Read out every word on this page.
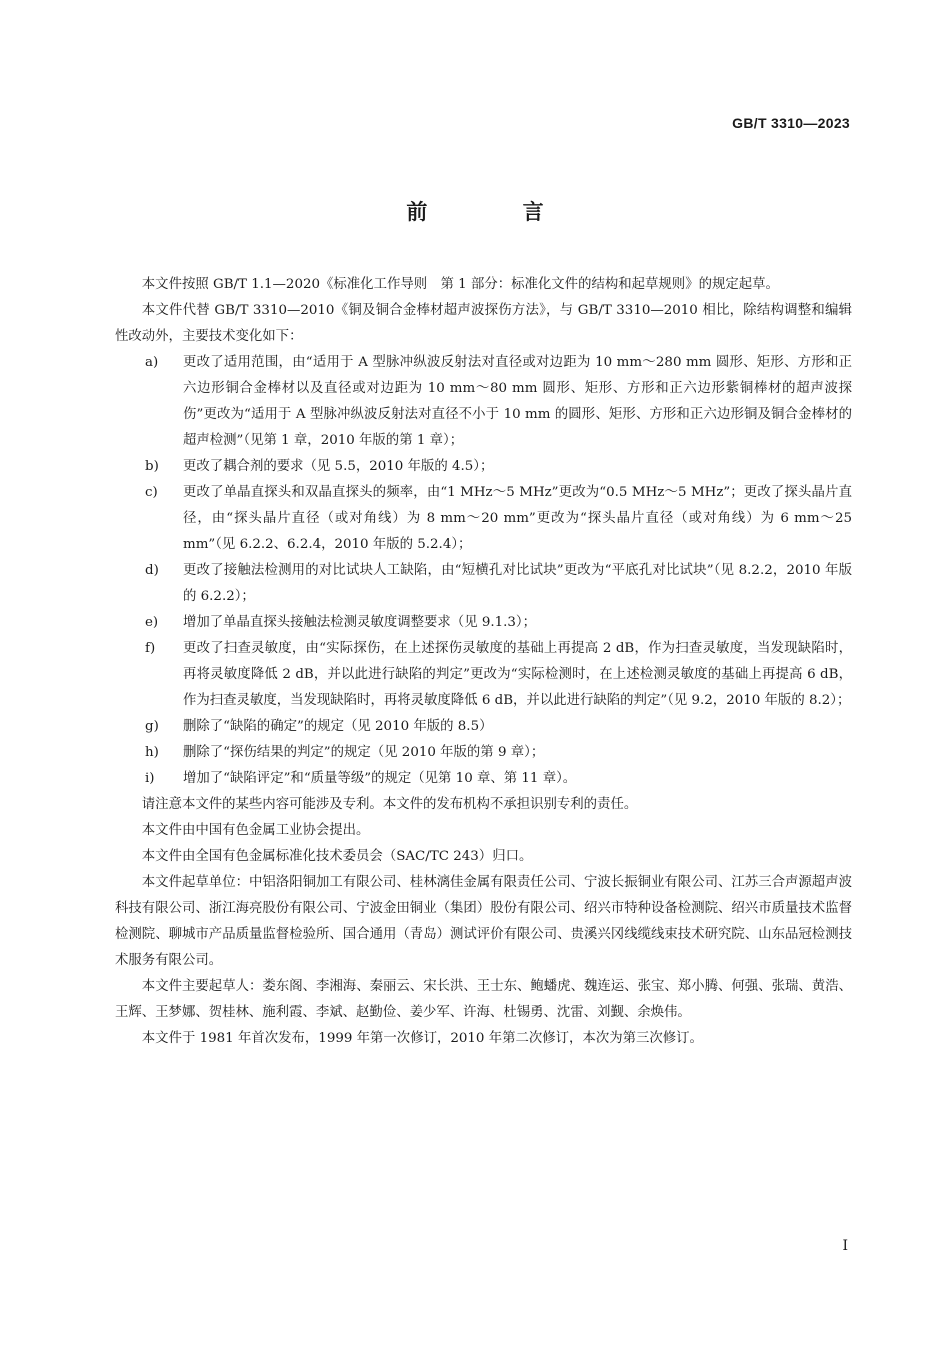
GB/T 3310—2023
前 言

本文件按照 GB/T 1.1—2020《标准化工作导则　第 1 部分：标准化文件的结构和起草规则》的规定起草。

本文件代替 GB/T 3310—2010《铜及铜合金棒材超声波探伤方法》，与 GB/T 3310—2010 相比，除结构调整和编辑性改动外，主要技术变化如下：

a) 更改了适用范围，由“适用于 A 型脉冲纵波反射法对直径或对边距为 10 mm～280 mm 圆形、矩形、方形和正六边形铜合金棒材以及直径或对边距为 10 mm～80 mm 圆形、矩形、方形和正六边形紫铜棒材的超声波探伤”更改为“适用于 A 型脉冲纵波反射法对直径不小于 10 mm 的圆形、矩形、方形和正六边形铜及铜合金棒材的超声检测”（见第 1 章，2010 年版的第 1 章）；
b) 更改了耦合剂的要求（见 5.5，2010 年版的 4.5）；
c) 更改了单晶直探头和双晶直探头的频率，由“1 MHz～5 MHz”更改为“0.5 MHz～5 MHz”；更改了探头晶片直径，由“探头晶片直径（或对角线）为 8 mm～20 mm”更改为“探头晶片直径（或对角线）为 6 mm～25 mm”（见 6.2.2、6.2.4，2010 年版的 5.2.4）；
d) 更改了接触法检测用的对比试块人工缺陷，由“短横孔对比试块”更改为“平底孔对比试块”（见 8.2.2，2010 年版的 6.2.2）；
e) 增加了单晶直探头接触法检测灵敏度调整要求（见 9.1.3）；
f) 更改了扫查灵敏度，由“实际探伤，在上述探伤灵敏度的基础上再提高 2 dB，作为扫查灵敏度，当发现缺陷时，再将灵敏度降低 2 dB，并以此进行缺陷的判定”更改为“实际检测时，在上述检测灵敏度的基础上再提高 6 dB，作为扫查灵敏度，当发现缺陷时，再将灵敏度降低 6 dB，并以此进行缺陷的判定”（见 9.2，2010 年版的 8.2）；
g) 删除了“缺陷的确定”的规定（见 2010 年版的 8.5）
h) 删除了“探伤结果的判定”的规定（见 2010 年版的第 9 章）；
i) 增加了“缺陷评定”和“质量等级”的规定（见第 10 章、第 11 章）。

请注意本文件的某些内容可能涉及专利。本文件的发布机构不承担识别专利的责任。

本文件由中国有色金属工业协会提出。

本文件由全国有色金属标准化技术委员会（SAC/TC 243）归口。

本文件起草单位：中铝洛阳铜加工有限公司、桂林漓佳金属有限责任公司、宁波长振铜业有限公司、江苏三合声源超声波科技有限公司、浙江海亮股份有限公司、宁波金田铜业（集团）股份有限公司、绍兴市特种设备检测院、绍兴市质量技术监督检测院、聊城市产品质量监督检验所、国合通用（青岛）测试评价有限公司、贵溪兴冈线缆线束技术研究院、山东品冠检测技术服务有限公司。

本文件主要起草人：娄东阁、李湘海、秦丽云、宋长洪、王士东、鲍蟠虎、魏连运、张宝、郑小腾、何强、张瑞、黄浩、王辉、王梦娜、贺桂林、施利霞、李斌、赵勤俭、姜少军、许海、杜锡勇、沈雷、刘觐、余焕伟。

本文件于 1981 年首次发布，1999 年第一次修订，2010 年第二次修订，本次为第三次修订。

I
